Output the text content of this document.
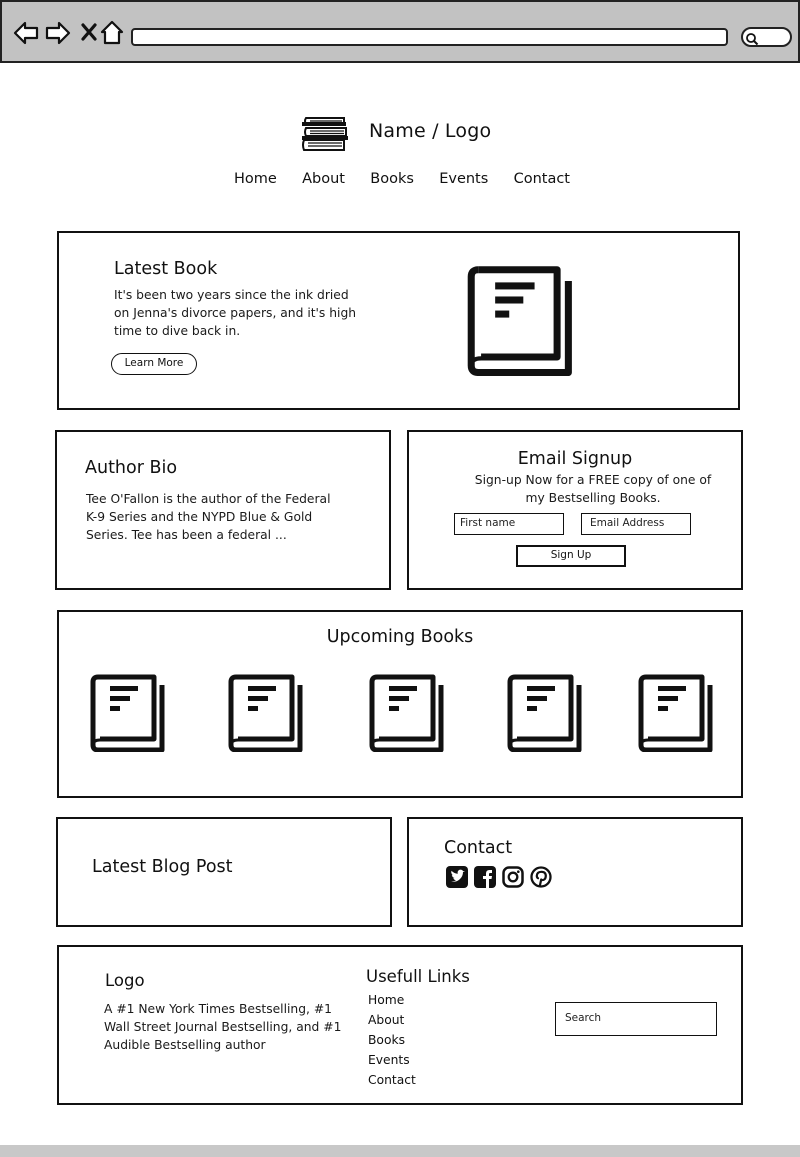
Name / Logo
Home	About	Books	Events	Contact
Latest Book
It's been two years since the ink dried on Jenna's divorce papers, and it's high time to dive back in.
Learn More
Author Bio
Tee O'Fallon is the author of the Federal K-9 Series and the NYPD Blue & Gold Series. Tee has been a federal ...
Email Signup
Sign-up Now for a FREE copy of one of my Bestselling Books.
First name	Email Address
Sign Up
Upcoming Books
Latest Blog Post
Contact
Logo
A #1 New York Times Bestselling, #1 Wall Street Journal Bestselling, and #1 Audible Bestselling author
Usefull Links
Home
About
Books
Events
Contact
Search
